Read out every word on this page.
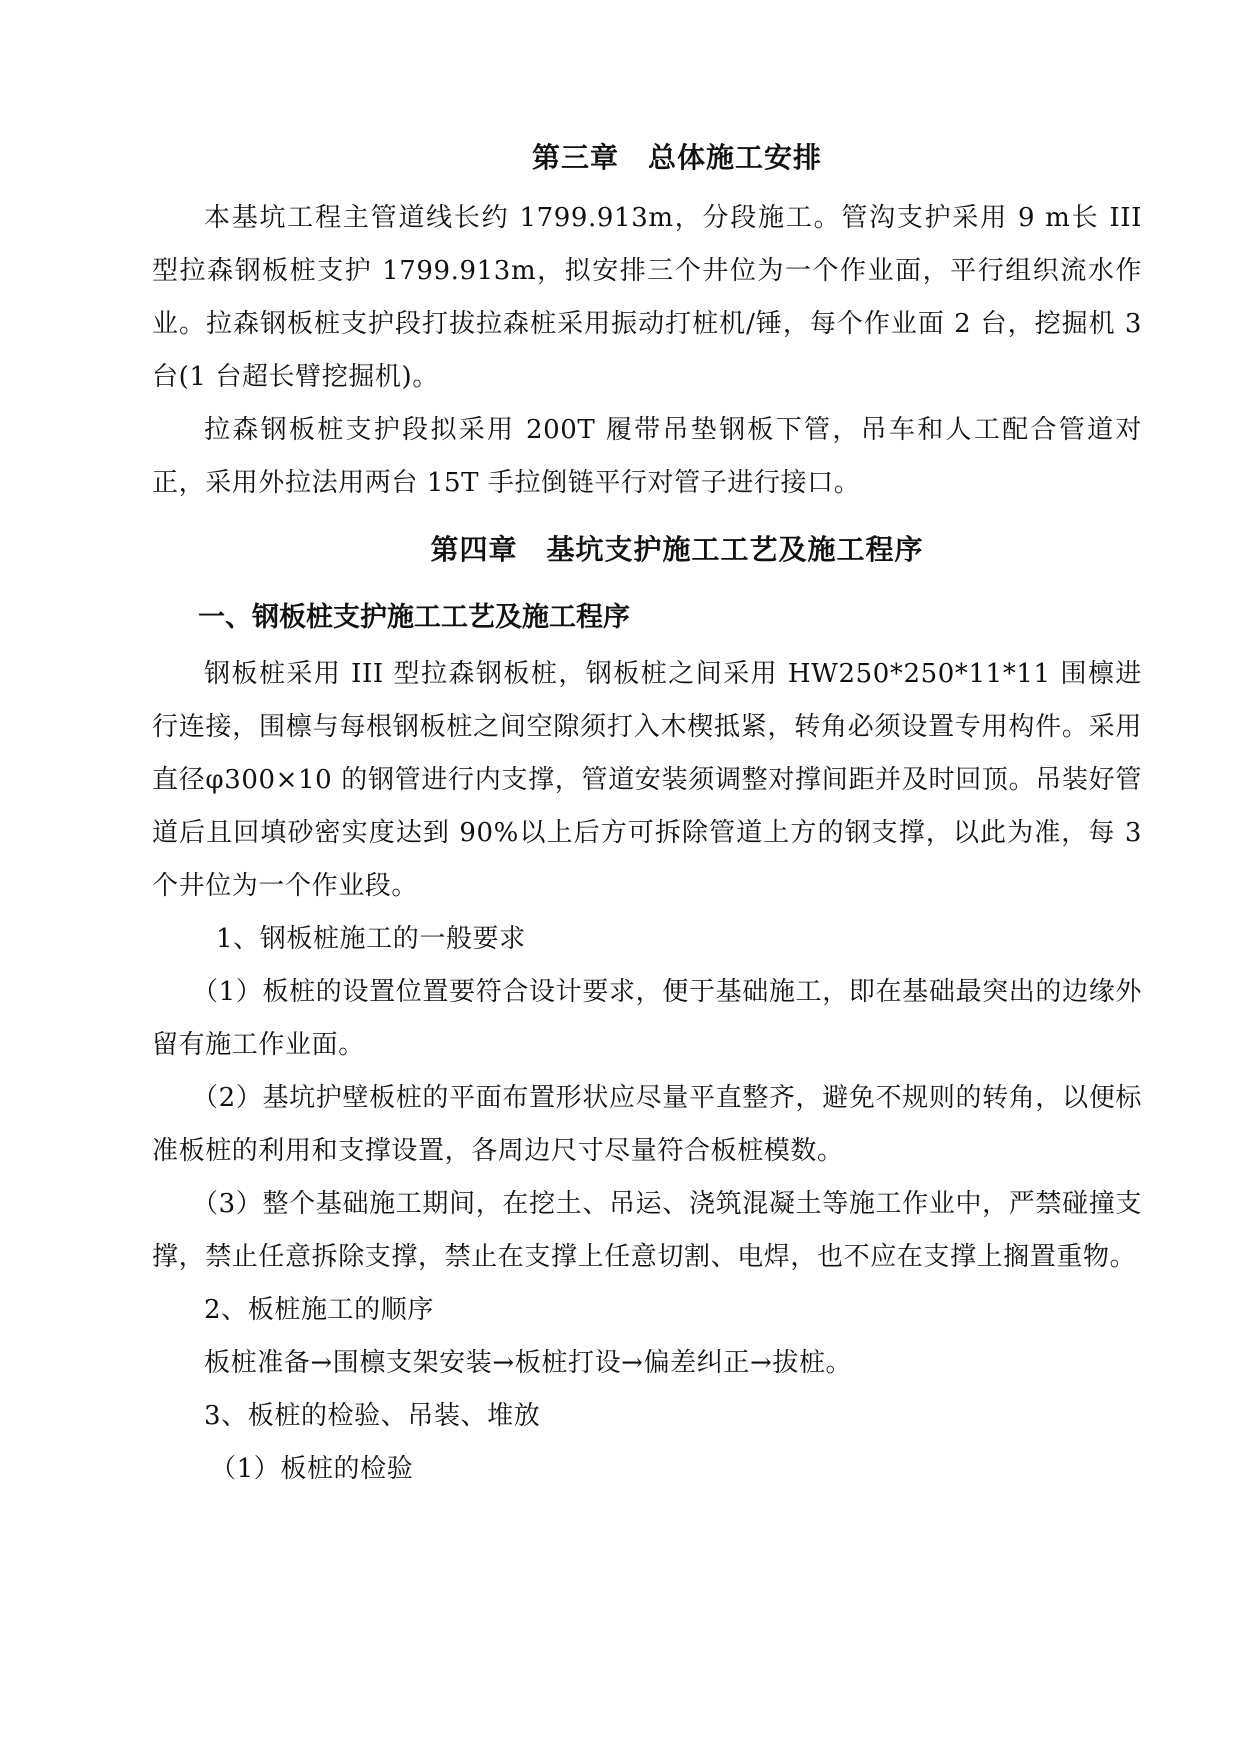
第三章　总体施工安排

本基坑工程主管道线长约 1799.913m，分段施工。管沟支护采用 9 m长 III 型拉森钢板桩支护 1799.913m，拟安排三个井位为一个作业面，平行组织流水作业。拉森钢板桩支护段打拔拉森桩采用振动打桩机/锤，每个作业面 2 台，挖掘机 3 台(1 台超长臂挖掘机)。

拉森钢板桩支护段拟采用 200T 履带吊垫钢板下管，吊车和人工配合管道对正，采用外拉法用两台 15T 手拉倒链平行对管子进行接口。

第四章　基坑支护施工工艺及施工程序
一、钢板桩支护施工工艺及施工程序

钢板桩采用 III 型拉森钢板桩，钢板桩之间采用 HW250*250*11*11 围檩进行连接，围檩与每根钢板桩之间空隙须打入木楔抵紧，转角必须设置专用构件。采用直径φ300×10 的钢管进行内支撑，管道安装须调整对撑间距并及时回顶。吊装好管道后且回填砂密实度达到 90%以上后方可拆除管道上方的钢支撑，以此为准，每 3 个井位为一个作业段。

1、钢板桩施工的一般要求

（1）板桩的设置位置要符合设计要求，便于基础施工，即在基础最突出的边缘外留有施工作业面。

（2）基坑护壁板桩的平面布置形状应尽量平直整齐，避免不规则的转角，以便标准板桩的利用和支撑设置，各周边尺寸尽量符合板桩模数。

（3）整个基础施工期间，在挖土、吊运、浇筑混凝土等施工作业中，严禁碰撞支撑，禁止任意拆除支撑，禁止在支撑上任意切割、电焊，也不应在支撑上搁置重物。

2、板桩施工的顺序

板桩准备→围檩支架安装→板桩打设→偏差纠正→拔桩。

3、板桩的检验、吊装、堆放

（1）板桩的检验
